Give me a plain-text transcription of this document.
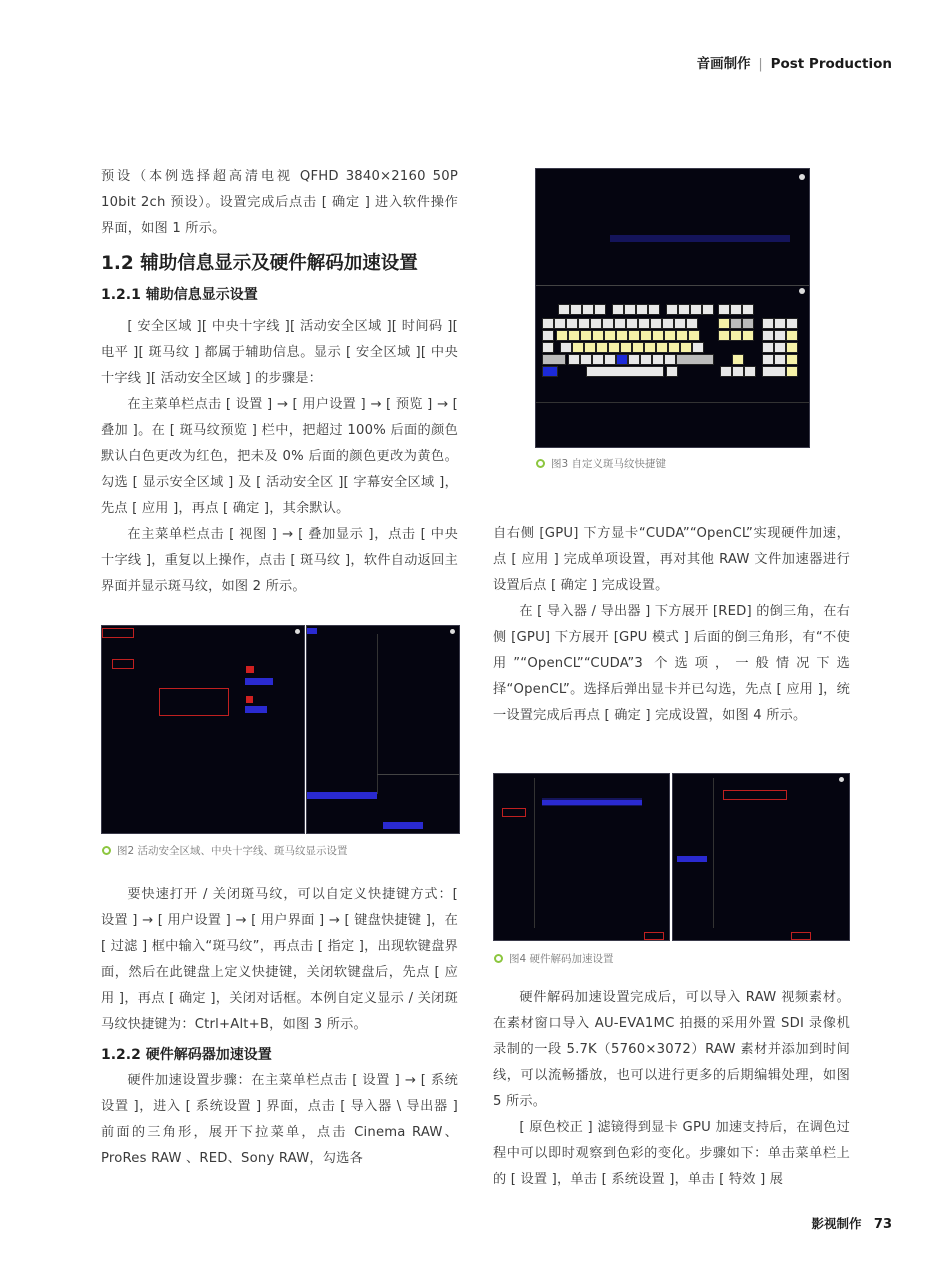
音画制作 | Post Production

预设（本例选择超高清电视 QFHD 3840×2160 50P 10bit 2ch 预设）。设置完成后点击 [ 确定 ] 进入软件操作界面，如图 1 所示。

1.2 辅助信息显示及硬件解码加速设置
1.2.1 辅助信息显示设置

[ 安全区域 ][ 中央十字线 ][ 活动安全区域 ][ 时间码 ][ 电平 ][ 斑马纹 ] 都属于辅助信息。显示 [ 安全区域 ][ 中央十字线 ][ 活动安全区域 ] 的步骤是：

在主菜单栏点击 [ 设置 ] → [ 用户设置 ] → [ 预览 ] → [ 叠加 ]。在 [ 斑马纹预览 ] 栏中，把超过 100% 后面的颜色默认白色更改为红色，把未及 0% 后面的颜色更改为黄色。勾选 [ 显示安全区域 ] 及 [ 活动安全区 ][ 字幕安全区域 ]，先点 [ 应用 ]，再点 [ 确定 ]，其余默认。

在主菜单栏点击 [ 视图 ] → [ 叠加显示 ]，点击 [ 中央十字线 ]，重复以上操作，点击 [ 斑马纹 ]，软件自动返回主界面并显示斑马纹，如图 2 所示。

要快速打开 / 关闭斑马纹，可以自定义快捷键方式：[ 设置 ] → [ 用户设置 ] → [ 用户界面 ] → [ 键盘快捷键 ]，在 [ 过滤 ] 框中输入“斑马纹”，再点击 [ 指定 ]，出现软键盘界面，然后在此键盘上定义快捷键，关闭软键盘后，先点 [ 应用 ]，再点 [ 确定 ]，关闭对话框。本例自定义显示 / 关闭斑马纹快捷键为：Ctrl+Alt+B，如图 3 所示。

1.2.2 硬件解码器加速设置

硬件加速设置步骤：在主菜单栏点击 [ 设置 ] → [ 系统设置 ]，进入 [ 系统设置 ] 界面，点击 [ 导入器 \ 导出器 ] 前面的三角形，展开下拉菜单，点击 Cinema RAW、ProRes RAW 、RED、Sony RAW，勾选各

自右侧 [GPU] 下方显卡“CUDA”“OpenCL”实现硬件加速，点 [ 应用 ] 完成单项设置，再对其他 RAW 文件加速器进行设置后点 [ 确定 ] 完成设置。

在 [ 导入器 / 导出器 ] 下方展开 [RED] 的倒三角，在右侧 [GPU] 下方展开 [GPU 模式 ] 后面的倒三角形，有“不使用”“OpenCL”“CUDA”3 个选项，一般情况下选择“OpenCL”。选择后弹出显卡并已勾选，先点 [ 应用 ]，统一设置完成后再点 [ 确定 ] 完成设置，如图 4 所示。

硬件解码加速设置完成后，可以导入 RAW 视频素材。在素材窗口导入 AU-EVA1MC 拍摄的采用外置 SDI 录像机录制的一段 5.7K（5760×3072）RAW 素材并添加到时间线，可以流畅播放，也可以进行更多的后期编辑处理，如图 5 所示。

[ 原色校正 ] 滤镜得到显卡 GPU 加速支持后，在调色过程中可以即时观察到色彩的变化。步骤如下：单击菜单栏上的 [ 设置 ]，单击 [ 系统设置 ]，单击 [ 特效 ] 展

图3 自定义斑马纹快捷键
图2 活动安全区域、中央十字线、斑马纹显示设置
图4 硬件解码加速设置
影视制作 73
